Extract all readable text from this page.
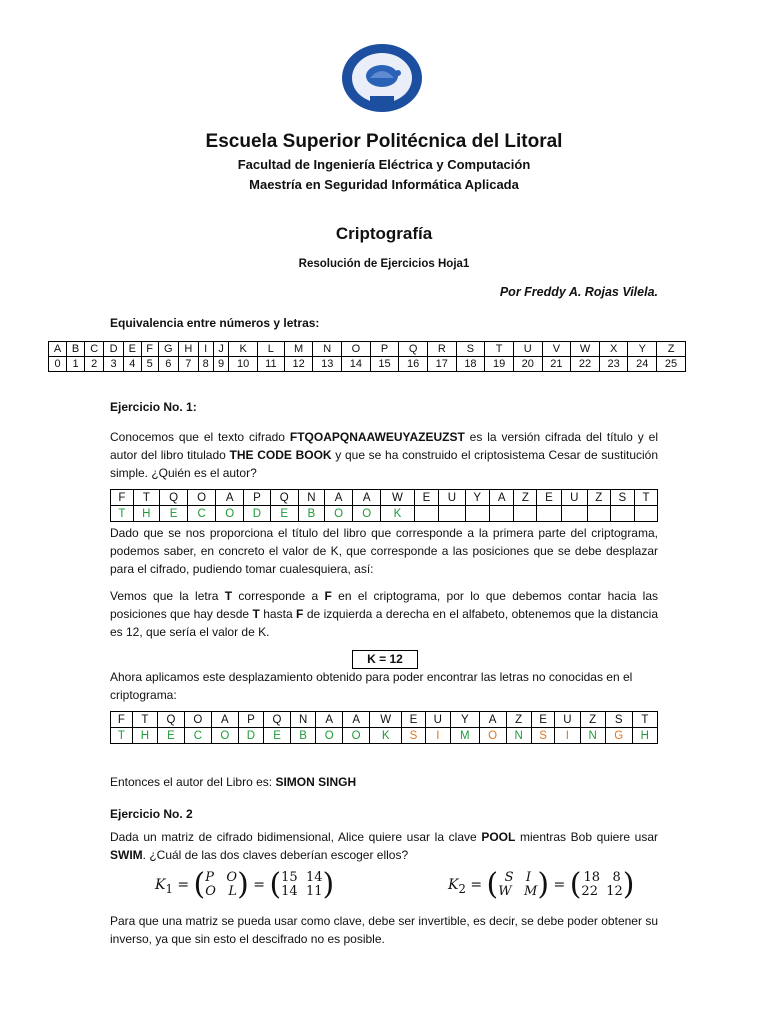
Escuela Superior Politécnica del Litoral
Facultad de Ingeniería Eléctrica y Computación
Maestría en Seguridad Informática Aplicada
Criptografía
Resolución de Ejercicios Hoja1
Por Freddy A. Rojas Vilela.
Equivalencia entre números y letras:
A	B	C	D	E	F	G	H	I	J	K	L	M	N	O	P	Q	R	S	T	U	V	W	X	Y	Z
0	1	2	3	4	5	6	7	8	9	10	11	12	13	14	15	16	17	18	19	20	21	22	23	24	25
Ejercicio No. 1:
Conocemos que el texto cifrado FTQOAPQNAAWEUYAZEUZST es la versión cifrada del título y el autor del libro titulado THE CODE BOOK y que se ha construido el criptosistema Cesar de sustitución simple. ¿Quién es el autor?
F	T	Q	O	A	P	Q	N	A	A	W	E	U	Y	A	Z	E	U	Z	S	T
T	H	E	C	O	D	E	B	O	O	K										
Dado que se nos proporciona el título del libro que corresponde a la primera parte del criptograma, podemos saber, en concreto el valor de K, que corresponde a las posiciones que se debe desplazar para el cifrado, pudiendo tomar cualesquiera, así:
Vemos que la letra T corresponde a F en el criptograma, por lo que debemos contar hacia las posiciones que hay desde T hasta F de izquierda a derecha en el alfabeto, obtenemos que la distancia es 12, que sería el valor de K.
K = 12
Ahora aplicamos este desplazamiento obtenido para poder encontrar las letras no conocidas en el criptograma:
F	T	Q	O	A	P	Q	N	A	A	W	E	U	Y	A	Z	E	U	Z	S	T
T	H	E	C	O	D	E	B	O	O	K	S	I	M	O	N	S	I	N	G	H
Entonces el autor del Libro es: SIMON SINGH
Ejercicio No. 2
Dada un matriz de cifrado bidimensional, Alice quiere usar la clave POOL mientras Bob quiere usar SWIM. ¿Cuál de las dos claves deberían escoger ellos?
$K_1 = (P$ O
O L) = (15 14
14 11)	$K_2$ = ( S I
W M) = ( 18 8
22 12)
Para que una matriz se pueda usar como clave, debe ser invertible, es decir, se debe poder obtener su inverso, ya que sin esto el descifrado no es posible.
